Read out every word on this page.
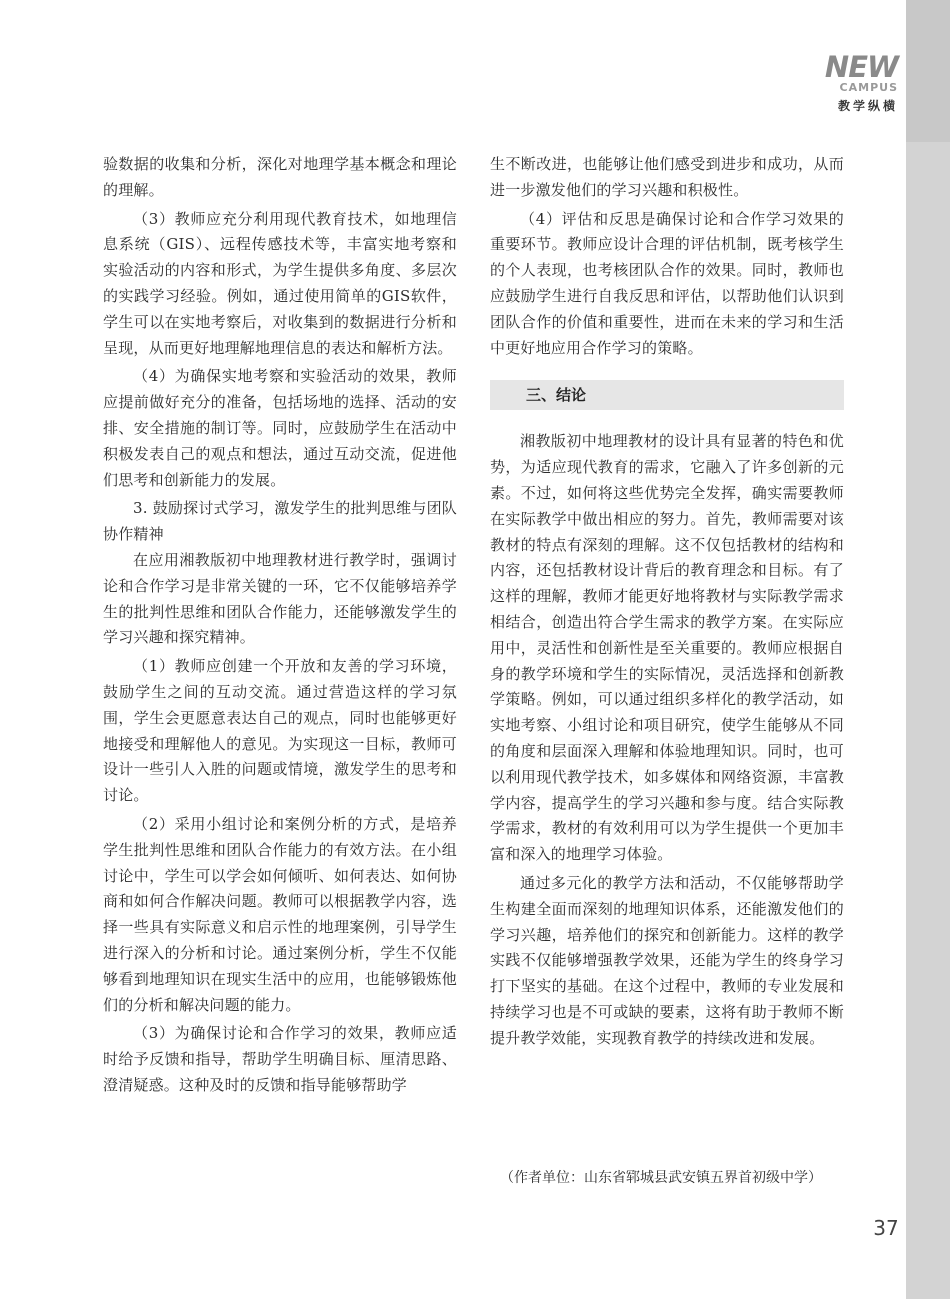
NEW
CAMPUS
教学纵横

验数据的收集和分析，深化对地理学基本概念和理论的理解。

（3）教师应充分利用现代教育技术，如地理信息系统（GIS）、远程传感技术等，丰富实地考察和实验活动的内容和形式，为学生提供多角度、多层次的实践学习经验。例如，通过使用简单的GIS软件，学生可以在实地考察后，对收集到的数据进行分析和呈现，从而更好地理解地理信息的表达和解析方法。

（4）为确保实地考察和实验活动的效果，教师应提前做好充分的准备，包括场地的选择、活动的安排、安全措施的制订等。同时，应鼓励学生在活动中积极发表自己的观点和想法，通过互动交流，促进他们思考和创新能力的发展。

3. 鼓励探讨式学习，激发学生的批判思维与团队协作精神

在应用湘教版初中地理教材进行教学时，强调讨论和合作学习是非常关键的一环，它不仅能够培养学生的批判性思维和团队合作能力，还能够激发学生的学习兴趣和探究精神。

（1）教师应创建一个开放和友善的学习环境，鼓励学生之间的互动交流。通过营造这样的学习氛围，学生会更愿意表达自己的观点，同时也能够更好地接受和理解他人的意见。为实现这一目标，教师可设计一些引人入胜的问题或情境，激发学生的思考和讨论。

（2）采用小组讨论和案例分析的方式，是培养学生批判性思维和团队合作能力的有效方法。在小组讨论中，学生可以学会如何倾听、如何表达、如何协商和如何合作解决问题。教师可以根据教学内容，选择一些具有实际意义和启示性的地理案例，引导学生进行深入的分析和讨论。通过案例分析，学生不仅能够看到地理知识在现实生活中的应用，也能够锻炼他们的分析和解决问题的能力。

（3）为确保讨论和合作学习的效果，教师应适时给予反馈和指导，帮助学生明确目标、厘清思路、澄清疑惑。这种及时的反馈和指导能够帮助学

生不断改进，也能够让他们感受到进步和成功，从而进一步激发他们的学习兴趣和积极性。

（4）评估和反思是确保讨论和合作学习效果的重要环节。教师应设计合理的评估机制，既考核学生的个人表现，也考核团队合作的效果。同时，教师也应鼓励学生进行自我反思和评估，以帮助他们认识到团队合作的价值和重要性，进而在未来的学习和生活中更好地应用合作学习的策略。

三、结论

湘教版初中地理教材的设计具有显著的特色和优势，为适应现代教育的需求，它融入了许多创新的元素。不过，如何将这些优势完全发挥，确实需要教师在实际教学中做出相应的努力。首先，教师需要对该教材的特点有深刻的理解。这不仅包括教材的结构和内容，还包括教材设计背后的教育理念和目标。有了这样的理解，教师才能更好地将教材与实际教学需求相结合，创造出符合学生需求的教学方案。在实际应用中，灵活性和创新性是至关重要的。教师应根据自身的教学环境和学生的实际情况，灵活选择和创新教学策略。例如，可以通过组织多样化的教学活动，如实地考察、小组讨论和项目研究，使学生能够从不同的角度和层面深入理解和体验地理知识。同时，也可以利用现代教学技术，如多媒体和网络资源，丰富教学内容，提高学生的学习兴趣和参与度。结合实际教学需求，教材的有效利用可以为学生提供一个更加丰富和深入的地理学习体验。

通过多元化的教学方法和活动，不仅能够帮助学生构建全面而深刻的地理知识体系，还能激发他们的学习兴趣，培养他们的探究和创新能力。这样的教学实践不仅能够增强教学效果，还能为学生的终身学习打下坚实的基础。在这个过程中，教师的专业发展和持续学习也是不可或缺的要素，这将有助于教师不断提升教学效能，实现教育教学的持续改进和发展。

（作者单位：山东省郓城县武安镇五界首初级中学）
37
